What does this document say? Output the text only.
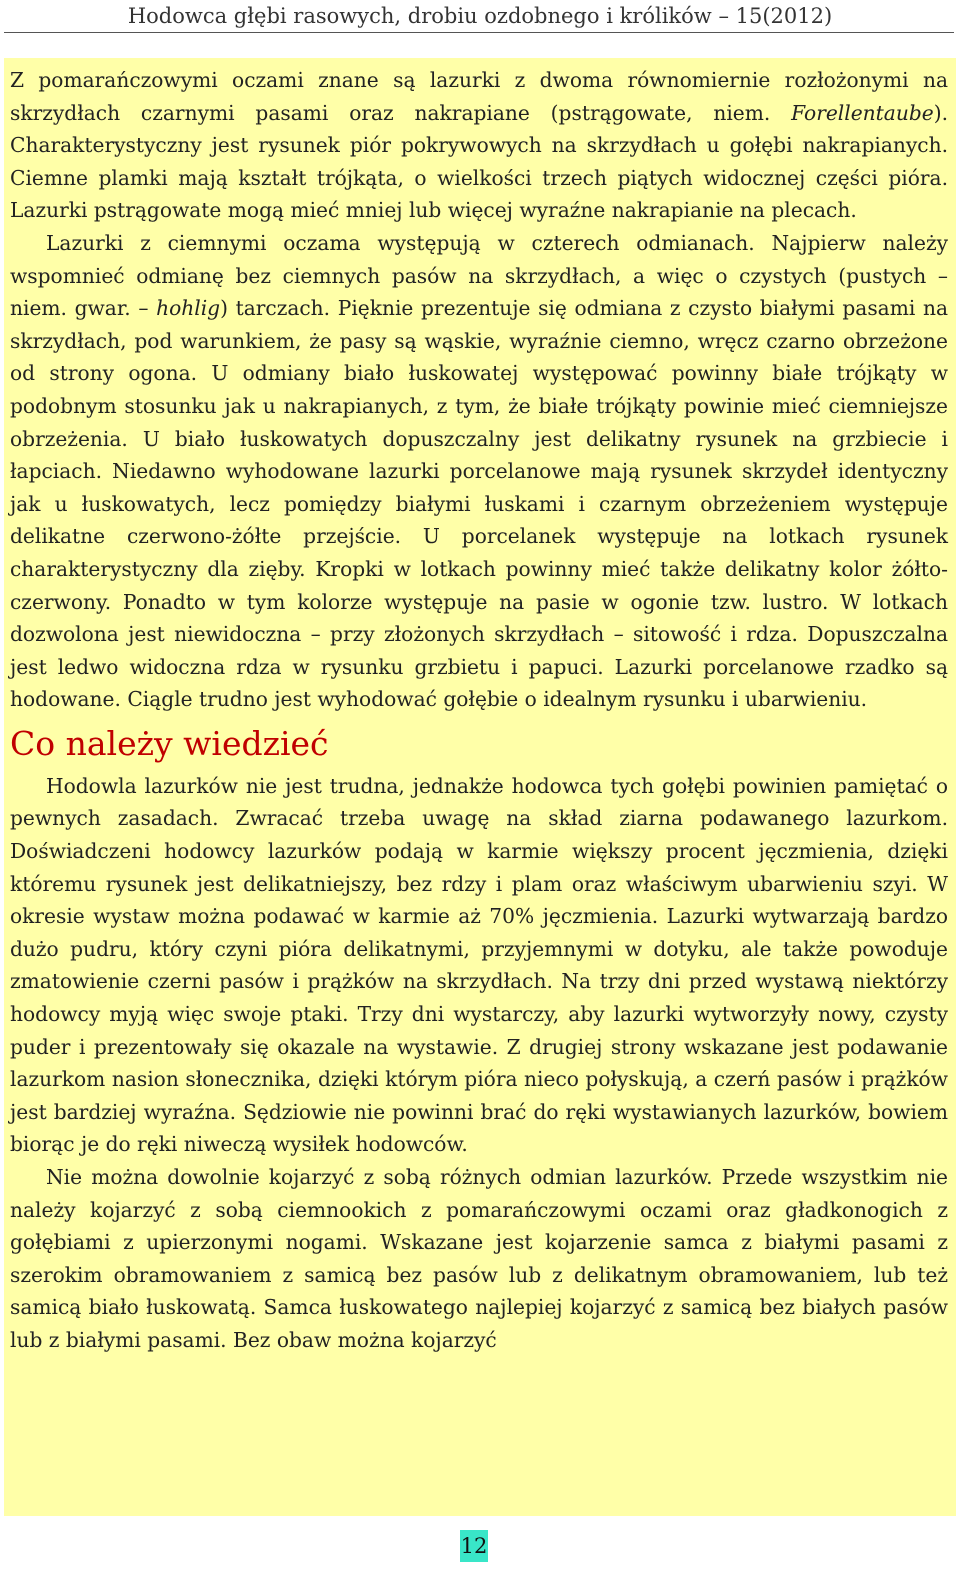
Hodowca głębi rasowych, drobiu ozdobnego i królików – 15(2012)

Z pomarańczowymi oczami znane są lazurki z dwoma równomiernie rozłożonymi na skrzydłach czarnymi pasami oraz nakrapiane (pstrągowate, niem. Forellentaube). Charakterystyczny jest rysunek piór pokrywowych na skrzydłach u gołębi nakrapianych. Ciemne plamki mają kształt trójkąta, o wielkości trzech piątych widocznej części pióra. Lazurki pstrągowate mogą mieć mniej lub więcej wyraźne nakrapianie na plecach.

Lazurki z ciemnymi oczama występują w czterech odmianach. Najpierw należy wspomnieć odmianę bez ciemnych pasów na skrzydłach, a więc o czystych (pustych – niem. gwar. – hohlig) tarczach. Pięknie prezentuje się odmiana z czysto białymi pasami na skrzydłach, pod warunkiem, że pasy są wąskie, wyraźnie ciemno, wręcz czarno obrzeżone od strony ogona. U odmiany biało łuskowatej występować powinny białe trójkąty w podobnym stosunku jak u nakrapianych, z tym, że białe trójkąty powinie mieć ciemniejsze obrzeżenia. U biało łuskowatych dopuszczalny jest delikatny rysunek na grzbiecie i łapciach. Niedawno wyhodowane lazurki porcelanowe mają rysunek skrzydeł identyczny jak u łuskowatych, lecz pomiędzy białymi łuskami i czarnym obrzeżeniem występuje delikatne czerwono-żółte przejście. U porcelanek występuje na lotkach rysunek charakterystyczny dla zięby. Kropki w lotkach powinny mieć także delikatny kolor żółto-czerwony. Ponadto w tym kolorze występuje na pasie w ogonie tzw. lustro. W lotkach dozwolona jest niewidoczna – przy złożonych skrzydłach – sitowość i rdza. Dopuszczalna jest ledwo widoczna rdza w rysunku grzbietu i papuci. Lazurki porcelanowe rzadko są hodowane. Ciągle trudno jest wyhodować gołębie o idealnym rysunku i ubarwieniu.

Co należy wiedzieć

Hodowla lazurków nie jest trudna, jednakże hodowca tych gołębi powinien pamiętać o pewnych zasadach. Zwracać trzeba uwagę na skład ziarna podawanego lazurkom. Doświadczeni hodowcy lazurków podają w karmie większy procent jęczmienia, dzięki któremu rysunek jest delikatniejszy, bez rdzy i plam oraz właściwym ubarwieniu szyi. W okresie wystaw można podawać w karmie aż 70% jęczmienia. Lazurki wytwarzają bardzo dużo pudru, który czyni pióra delikatnymi, przyjemnymi w dotyku, ale także powoduje zmatowienie czerni pasów i prążków na skrzydłach. Na trzy dni przed wystawą niektórzy hodowcy myją więc swoje ptaki. Trzy dni wystarczy, aby lazurki wytworzyły nowy, czysty puder i prezentowały się okazale na wystawie. Z drugiej strony wskazane jest podawanie lazurkom nasion słonecznika, dzięki którym pióra nieco połyskują, a czerń pasów i prążków jest bardziej wyraźna. Sędziowie nie powinni brać do ręki wystawianych lazurków, bowiem biorąc je do ręki niweczą wysiłek hodowców.

Nie można dowolnie kojarzyć z sobą różnych odmian lazurków. Przede wszystkim nie należy kojarzyć z sobą ciemnookich z pomarańczowymi oczami oraz gładkonogich z gołębiami z upierzonymi nogami. Wskazane jest kojarzenie samca z białymi pasami z szerokim obramowaniem z samicą bez pasów lub z delikatnym obramowaniem, lub też samicą biało łuskowatą. Samca łuskowatego najlepiej kojarzyć z samicą bez białych pasów lub z białymi pasami. Bez obaw można kojarzyć

12
